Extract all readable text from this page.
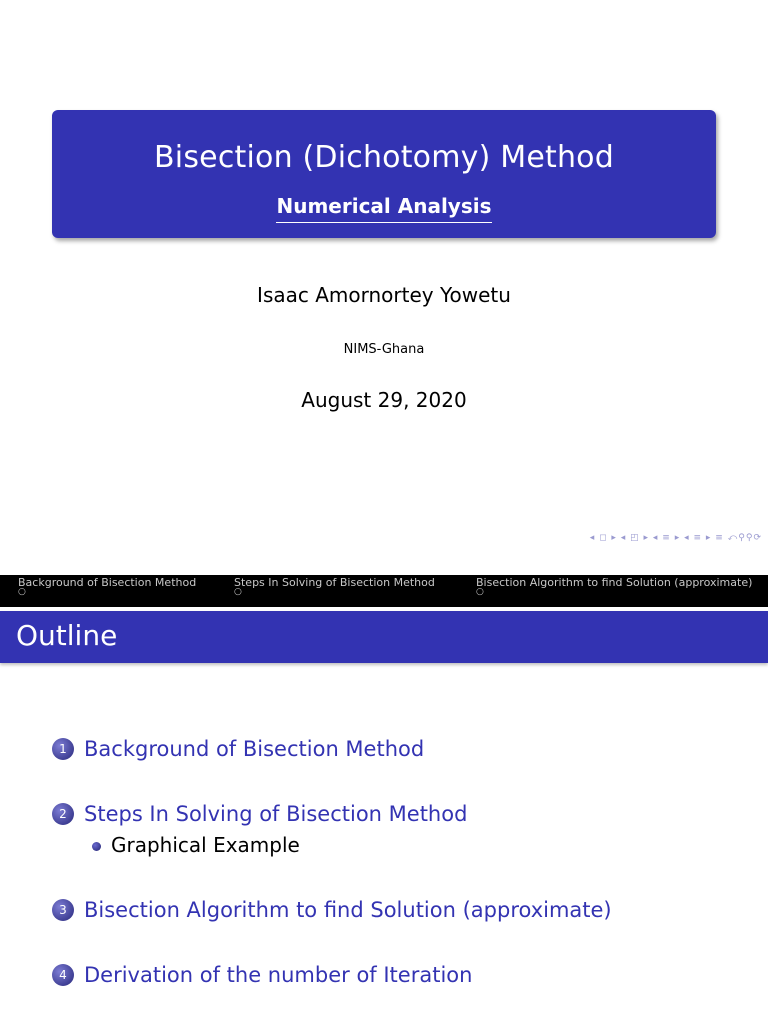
Bisection (Dichotomy) Method
Numerical Analysis
Isaac Amornortey Yowetu
NIMS-Ghana
August 29, 2020
◂ ◻ ▸ ◂ ◰ ▸ ◂ ≡ ▸ ◂ ≡ ▸ ≡ ⤺⚲⚲⟳
Background of Bisection Method
○
Steps In Solving of Bisection Method
○
Bisection Algorithm to find Solution (approximate)
○
Outline
1 Background of Bisection Method
2 Steps In Solving of Bisection Method
Graphical Example
3 Bisection Algorithm to find Solution (approximate)
4 Derivation of the number of Iteration
